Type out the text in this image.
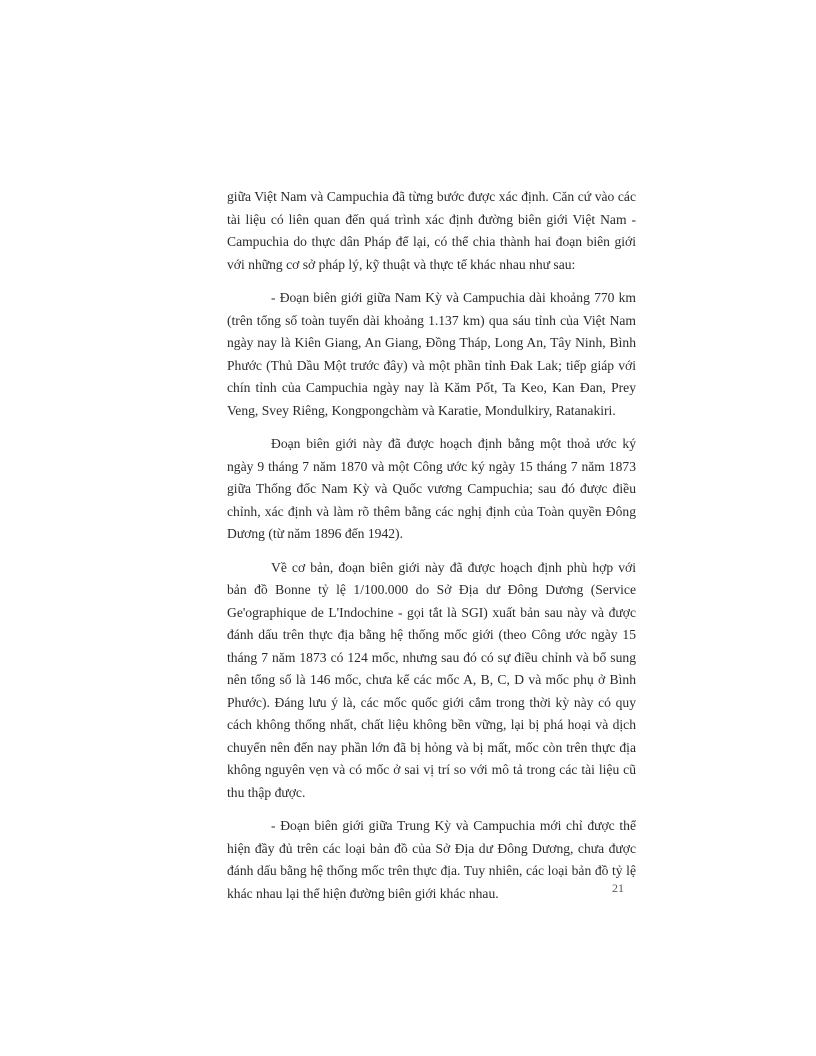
giữa Việt Nam và Campuchia đã từng bước được xác định. Căn cứ vào các tài liệu có liên quan đến quá trình xác định đường biên giới Việt Nam - Campuchia do thực dân Pháp để lại, có thể chia thành hai đoạn biên giới với những cơ sở pháp lý, kỹ thuật và thực tế khác nhau như sau:

- Đoạn biên giới giữa Nam Kỳ và Campuchia dài khoảng 770 km (trên tổng số toàn tuyến dài khoảng 1.137 km) qua sáu tỉnh của Việt Nam ngày nay là Kiên Giang, An Giang, Đồng Tháp, Long An, Tây Ninh, Bình Phước (Thủ Dầu Một trước đây) và một phần tỉnh Đak Lak; tiếp giáp với chín tỉnh của Campuchia ngày nay là Kăm Pốt, Ta Keo, Kan Đan, Prey Veng, Svey Riêng, Kongpongchàm và Karatie, Mondulkiry, Ratanakiri.

Đoạn biên giới này đã được hoạch định bằng một thoả ước ký ngày 9 tháng 7 năm 1870 và một Công ước ký ngày 15 tháng 7 năm 1873 giữa Thống đốc Nam Kỳ và Quốc vương Campuchia; sau đó được điều chỉnh, xác định và làm rõ thêm bằng các nghị định của Toàn quyền Đông Dương (từ năm 1896 đến 1942).

Về cơ bản, đoạn biên giới này đã được hoạch định phù hợp với bản đồ Bonne tỷ lệ 1/100.000 do Sở Địa dư Đông Dương (Service Ge'ographique de L'Indochine - gọi tắt là SGI) xuất bản sau này và được đánh dấu trên thực địa bằng hệ thống mốc giới (theo Công ước ngày 15 tháng 7 năm 1873 có 124 mốc, nhưng sau đó có sự điều chỉnh và bổ sung nên tổng số là 146 mốc, chưa kể các mốc A, B, C, D và mốc phụ ở Bình Phước). Đáng lưu ý là, các mốc quốc giới cắm trong thời kỳ này có quy cách không thống nhất, chất liệu không bền vững, lại bị phá hoại và dịch chuyển nên đến nay phần lớn đã bị hỏng và bị mất, mốc còn trên thực địa không nguyên vẹn và có mốc ở sai vị trí so với mô tả trong các tài liệu cũ thu thập được.

- Đoạn biên giới giữa Trung Kỳ và Campuchia mới chỉ được thể hiện đầy đủ trên các loại bản đồ của Sở Địa dư Đông Dương, chưa được đánh dấu bằng hệ thống mốc trên thực địa. Tuy nhiên, các loại bản đồ tỷ lệ khác nhau lại thể hiện đường biên giới khác nhau.	21
